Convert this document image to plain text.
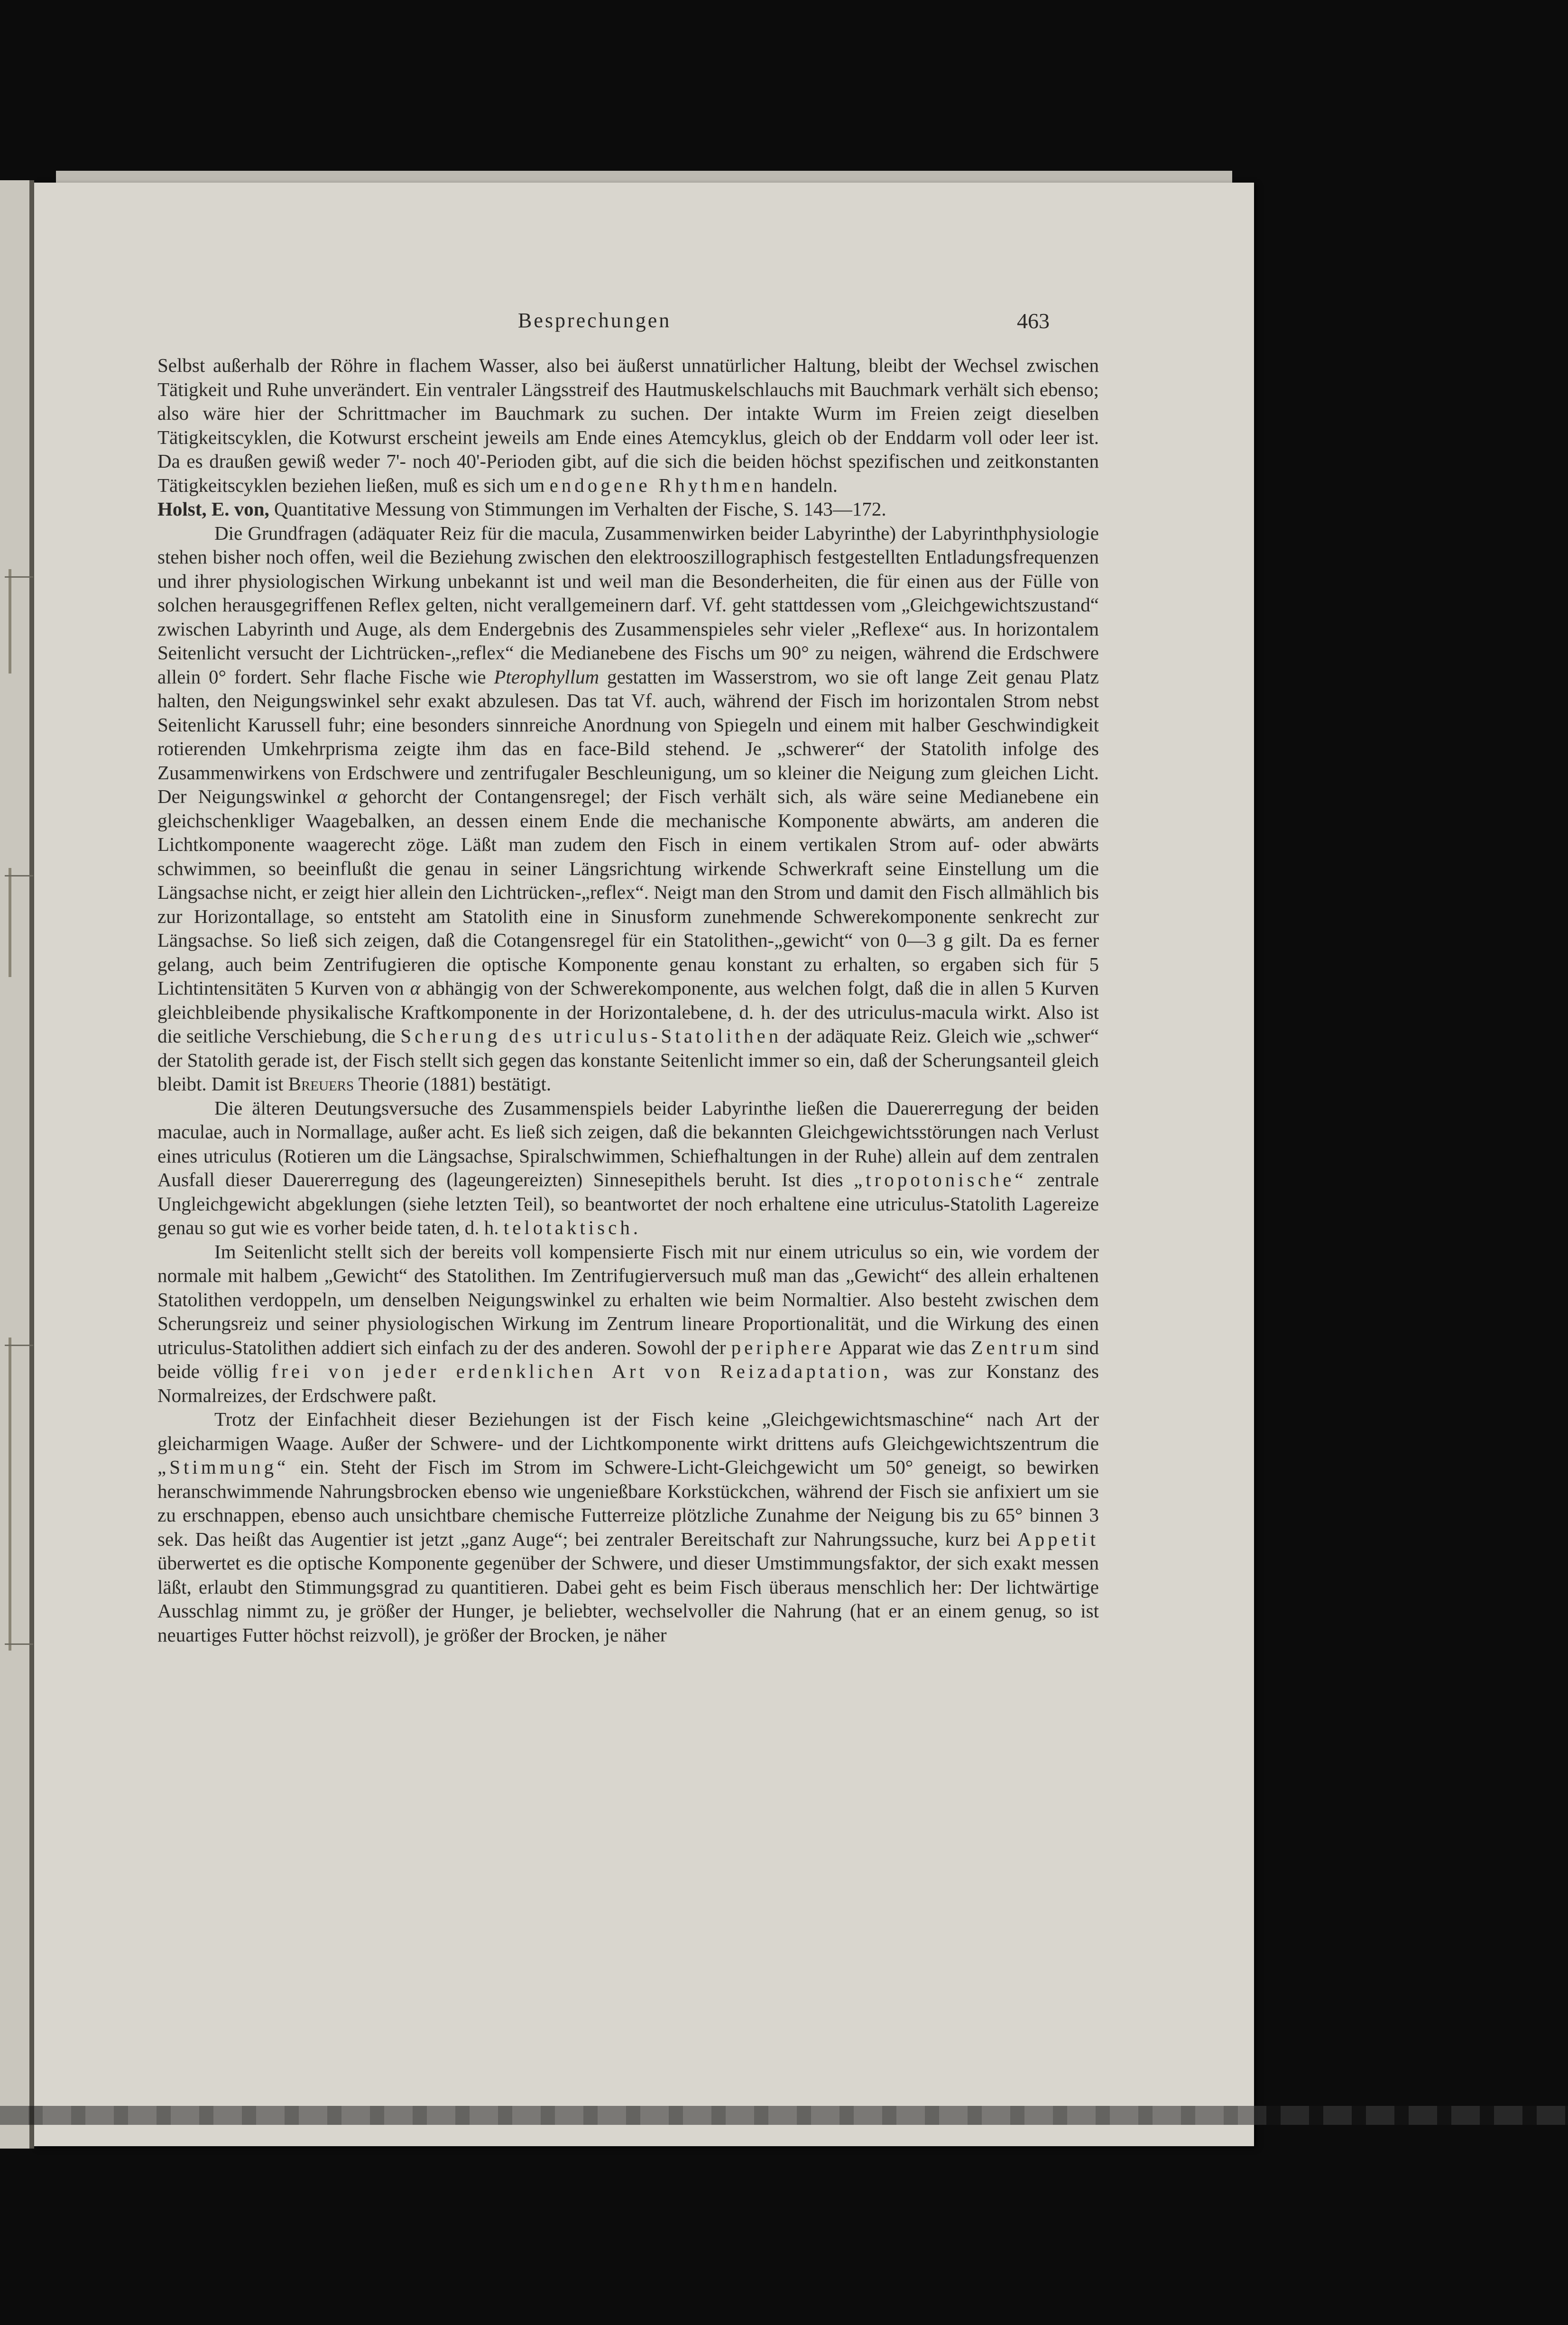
Besprechungen	463

Selbst außerhalb der Röhre in flachem Wasser, also bei äußerst unnatürlicher Haltung, bleibt der Wechsel zwischen Tätigkeit und Ruhe unverändert. Ein ventraler Längsstreif des Hautmuskelschlauchs mit Bauchmark verhält sich ebenso; also wäre hier der Schrittmacher im Bauchmark zu suchen. Der intakte Wurm im Freien zeigt dieselben Tätigkeitscyklen, die Kotwurst erscheint jeweils am Ende eines Atemcyklus, gleich ob der Enddarm voll oder leer ist. Da es draußen gewiß weder 7'- noch 40'-Perioden gibt, auf die sich die beiden höchst spezifischen und zeitkonstanten Tätigkeitscyklen beziehen ließen, muß es sich um endogene Rhythmen handeln.

Holst, E. von, Quantitative Messung von Stimmungen im Verhalten der Fische, S. 143—172.

Die Grundfragen (adäquater Reiz für die macula, Zusammenwirken beider Labyrinthe) der Labyrinthphysiologie stehen bisher noch offen, weil die Beziehung zwischen den elektrooszillographisch festgestellten Entladungsfrequenzen und ihrer physiologischen Wirkung unbekannt ist und weil man die Besonderheiten, die für einen aus der Fülle von solchen herausgegriffenen Reflex gelten, nicht verallgemeinern darf. Vf. geht stattdessen vom „Gleichgewichtszustand“ zwischen Labyrinth und Auge, als dem Endergebnis des Zusammenspieles sehr vieler „Reflexe“ aus. In horizontalem Seitenlicht versucht der Lichtrücken-„reflex“ die Medianebene des Fischs um 90° zu neigen, während die Erdschwere allein 0° fordert. Sehr flache Fische wie Pterophyllum gestatten im Wasserstrom, wo sie oft lange Zeit genau Platz halten, den Neigungswinkel sehr exakt abzulesen. Das tat Vf. auch, während der Fisch im horizontalen Strom nebst Seitenlicht Karussell fuhr; eine besonders sinnreiche Anordnung von Spiegeln und einem mit halber Geschwindigkeit rotierenden Umkehrprisma zeigte ihm das en face-Bild stehend. Je „schwerer“ der Statolith infolge des Zusammenwirkens von Erdschwere und zentrifugaler Beschleunigung, um so kleiner die Neigung zum gleichen Licht. Der Neigungswinkel α gehorcht der Contangensregel; der Fisch verhält sich, als wäre seine Medianebene ein gleichschenkliger Waagebalken, an dessen einem Ende die mechanische Komponente abwärts, am anderen die Lichtkomponente waagerecht zöge. Läßt man zudem den Fisch in einem vertikalen Strom auf- oder abwärts schwimmen, so beeinflußt die genau in seiner Längsrichtung wirkende Schwerkraft seine Einstellung um die Längsachse nicht, er zeigt hier allein den Lichtrücken-„reflex“. Neigt man den Strom und damit den Fisch allmählich bis zur Horizontallage, so entsteht am Statolith eine in Sinusform zunehmende Schwerekomponente senkrecht zur Längsachse. So ließ sich zeigen, daß die Cotangensregel für ein Statolithen-„gewicht“ von 0—3 g gilt. Da es ferner gelang, auch beim Zentrifugieren die optische Komponente genau konstant zu erhalten, so ergaben sich für 5 Lichtintensitäten 5 Kurven von α abhängig von der Schwerekomponente, aus welchen folgt, daß die in allen 5 Kurven gleichbleibende physikalische Kraftkomponente in der Horizontalebene, d. h. der des utriculus-macula wirkt. Also ist die seitliche Verschiebung, die Scherung des utriculus-Statolithen der adäquate Reiz. Gleich wie „schwer“ der Statolith gerade ist, der Fisch stellt sich gegen das konstante Seitenlicht immer so ein, daß der Scherungsanteil gleich bleibt. Damit ist Breuers Theorie (1881) bestätigt.

Die älteren Deutungsversuche des Zusammenspiels beider Labyrinthe ließen die Dauererregung der beiden maculae, auch in Normallage, außer acht. Es ließ sich zeigen, daß die bekannten Gleichgewichtsstörungen nach Verlust eines utriculus (Rotieren um die Längsachse, Spiralschwimmen, Schiefhaltungen in der Ruhe) allein auf dem zentralen Ausfall dieser Dauererregung des (lageungereizten) Sinnesepithels beruht. Ist dies „tropotonische“ zentrale Ungleichgewicht abgeklungen (siehe letzten Teil), so beantwortet der noch erhaltene eine utriculus-Statolith Lagereize genau so gut wie es vorher beide taten, d. h. telotaktisch.

Im Seitenlicht stellt sich der bereits voll kompensierte Fisch mit nur einem utriculus so ein, wie vordem der normale mit halbem „Gewicht“ des Statolithen. Im Zentrifugierversuch muß man das „Gewicht“ des allein erhaltenen Statolithen verdoppeln, um denselben Neigungswinkel zu erhalten wie beim Normaltier. Also besteht zwischen dem Scherungsreiz und seiner physiologischen Wirkung im Zentrum lineare Proportionalität, und die Wirkung des einen utriculus-Statolithen addiert sich einfach zu der des anderen. Sowohl der periphere Apparat wie das Zentrum sind beide völlig frei von jeder erdenklichen Art von Reizadaptation, was zur Konstanz des Normalreizes, der Erdschwere paßt.

Trotz der Einfachheit dieser Beziehungen ist der Fisch keine „Gleichgewichtsmaschine“ nach Art der gleicharmigen Waage. Außer der Schwere- und der Lichtkomponente wirkt drittens aufs Gleichgewichtszentrum die „Stimmung“ ein. Steht der Fisch im Strom im Schwere-Licht-Gleichgewicht um 50° geneigt, so bewirken heranschwimmende Nahrungsbrocken ebenso wie ungenießbare Korkstückchen, während der Fisch sie anfixiert um sie zu erschnappen, ebenso auch unsichtbare chemische Futterreize plötzliche Zunahme der Neigung bis zu 65° binnen 3 sek. Das heißt das Augentier ist jetzt „ganz Auge“; bei zentraler Bereitschaft zur Nahrungssuche, kurz bei Appetit überwertet es die optische Komponente gegenüber der Schwere, und dieser Umstimmungsfaktor, der sich exakt messen läßt, erlaubt den Stimmungsgrad zu quantitieren. Dabei geht es beim Fisch überaus menschlich her: Der lichtwärtige Ausschlag nimmt zu, je größer der Hunger, je beliebter, wechselvoller die Nahrung (hat er an einem genug, so ist neuartiges Futter höchst reizvoll), je größer der Brocken, je näher
